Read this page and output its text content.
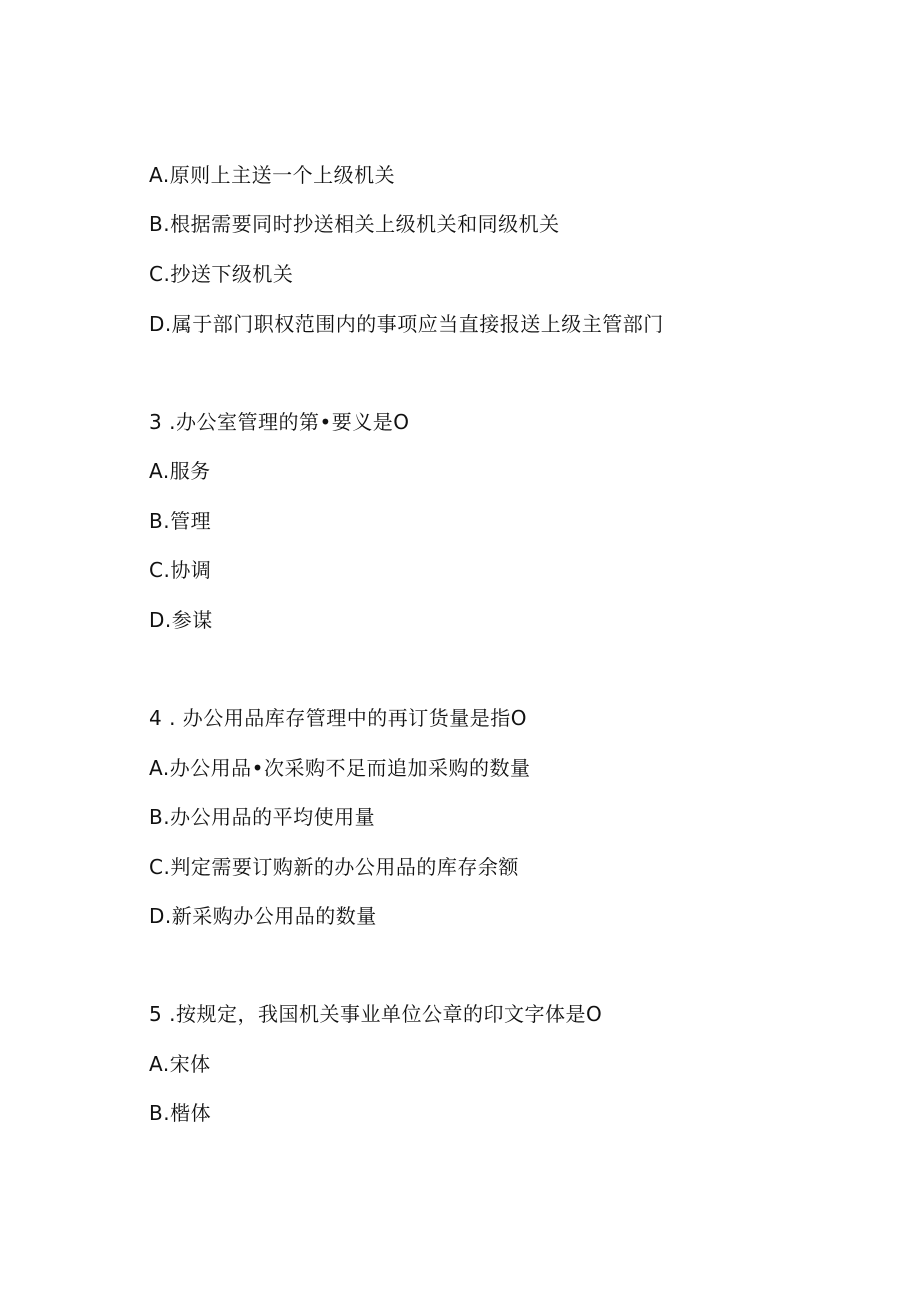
A.原则上主送一个上级机关
B.根据需要同时抄送相关上级机关和同级机关
C.抄送下级机关
D.属于部门职权范围内的事项应当直接报送上级主管部门
3 .办公室管理的第•要义是O
A.服务
B.管理
C.协调
D.参谋
4 . 办公用品库存管理中的再订货量是指O
A.办公用品•次采购不足而追加采购的数量
B.办公用品的平均使用量
C.判定需要订购新的办公用品的库存余额
D.新采购办公用品的数量
5 .按规定，我国机关事业单位公章的印文字体是O
A.宋体
B.楷体
